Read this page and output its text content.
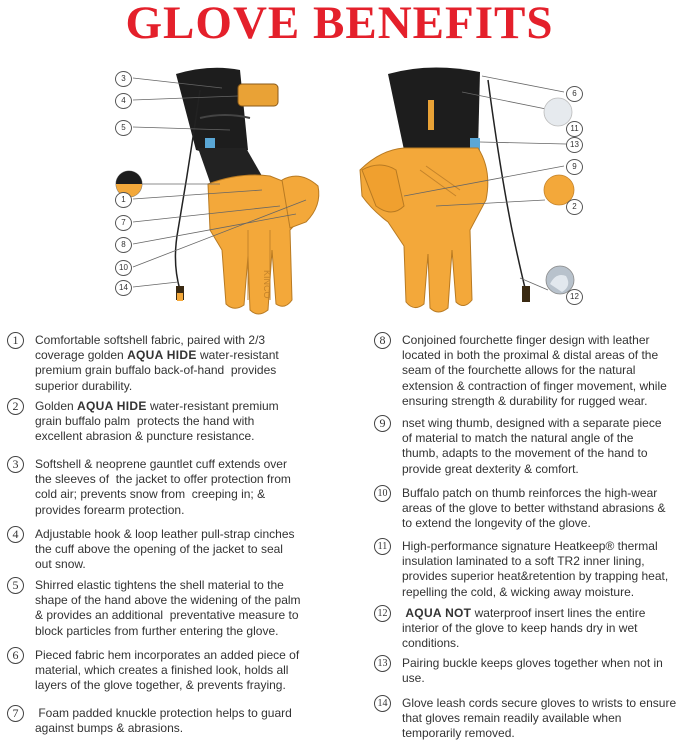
GLOVE BENEFITS
KINCO
3
4
5
1
7
8
10
14
6
11
13
9
2
12
1	Comfortable softshell fabric, paired with 2/3
coverage golden AQUA HIDE water-resistant
premium grain buffalo back-of-hand  provides
superior durability.
2	Golden AQUA HIDE water-resistant premium
grain buffalo palm  protects the hand with
excellent abrasion & puncture resistance.
3	Softshell & neoprene gauntlet cuff extends over
the sleeves of  the jacket to offer protection from
cold air; prevents snow from  creeping in; &
provides forearm protection.
4	Adjustable hook & loop leather pull-strap cinches
the cuff above the opening of the jacket to seal
out snow.
5	Shirred elastic tightens the shell material to the
shape of the hand above the widening of the palm
& provides an additional  preventative measure to
block particles from further entering the glove.
6	Pieced fabric hem incorporates an added piece of
material, which creates a finished look, holds all
layers of the glove together, & prevents fraying.
7	Foam padded knuckle protection helps to guard
against bumps & abrasions.
8	Conjoined fourchette finger design with leather
located in both the proximal & distal areas of the
seam of the fourchette allows for the natural
extension & contraction of finger movement, while
ensuring strength & durability for rugged wear.
9	nset wing thumb, designed with a separate piece
of material to match the natural angle of the
thumb, adapts to the movement of the hand to
provide great dexterity & comfort.
10 Buffalo patch on thumb reinforces the high-wear
areas of the glove to better withstand abrasions &
to extend the longevity of the glove.
11	High-performance signature Heatkeep® thermal
insulation laminated to a soft TR2 inner lining,
provides superior heat&retention by trapping heat,
repelling the cold, & wicking away moisture.
12 AQUA NOT waterproof insert lines the entire
interior of the glove to keep hands dry in wet
conditions.
13 Pairing buckle keeps gloves together when not in
use.
14 Glove leash cords secure gloves to wrists to ensure
that gloves remain readily available when
temporarily removed.
